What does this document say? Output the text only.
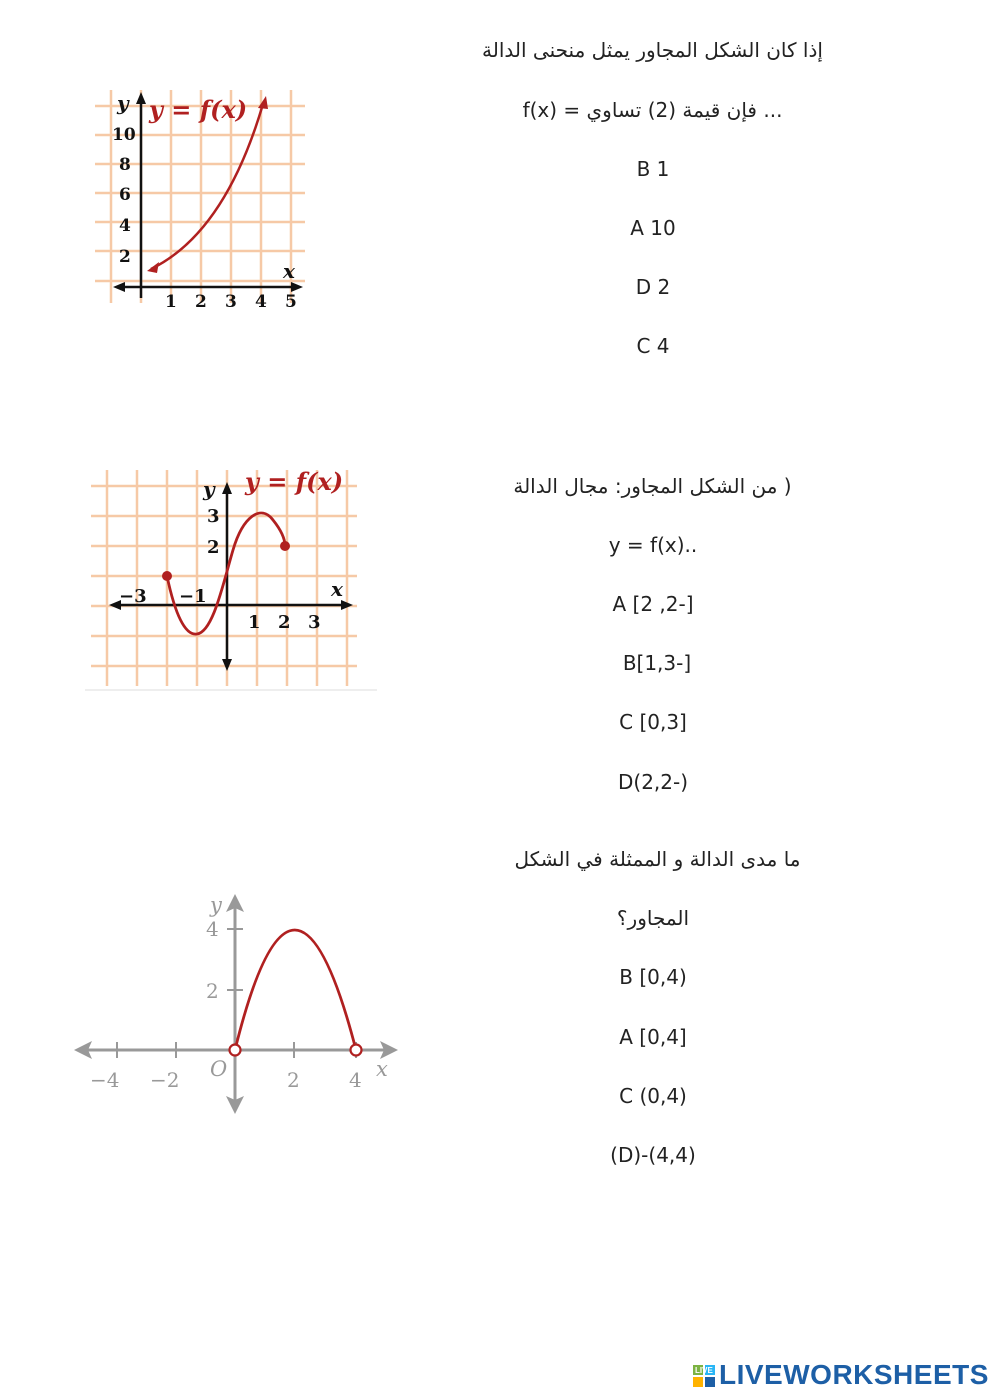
إذا كان الشكل المجاور يمثل منحنى الدالة
f(x) = فإن قيمة (2) تساوي ...
B 1
A 10
D 2
C 4
y = f(x)
y
x
10
8
6
4
2
1 2 3 4 5
من الشكل المجاور: مجال الدالة )
y = f(x)..
A [2 ,2-]
B[1,3-]
C [0,3]
D(2,2-)
y = f(x)
y
x
3
2
−3 −1
1 2 3
ما مدى الدالة و الممثلة في الشكل
المجاور؟
B [0,4)
A [0,4]
C (0,4)
(D)-(4,4)
y
x
O
4
2
−4 −2	2 4
LIVE LIVEWORKSHEETS
